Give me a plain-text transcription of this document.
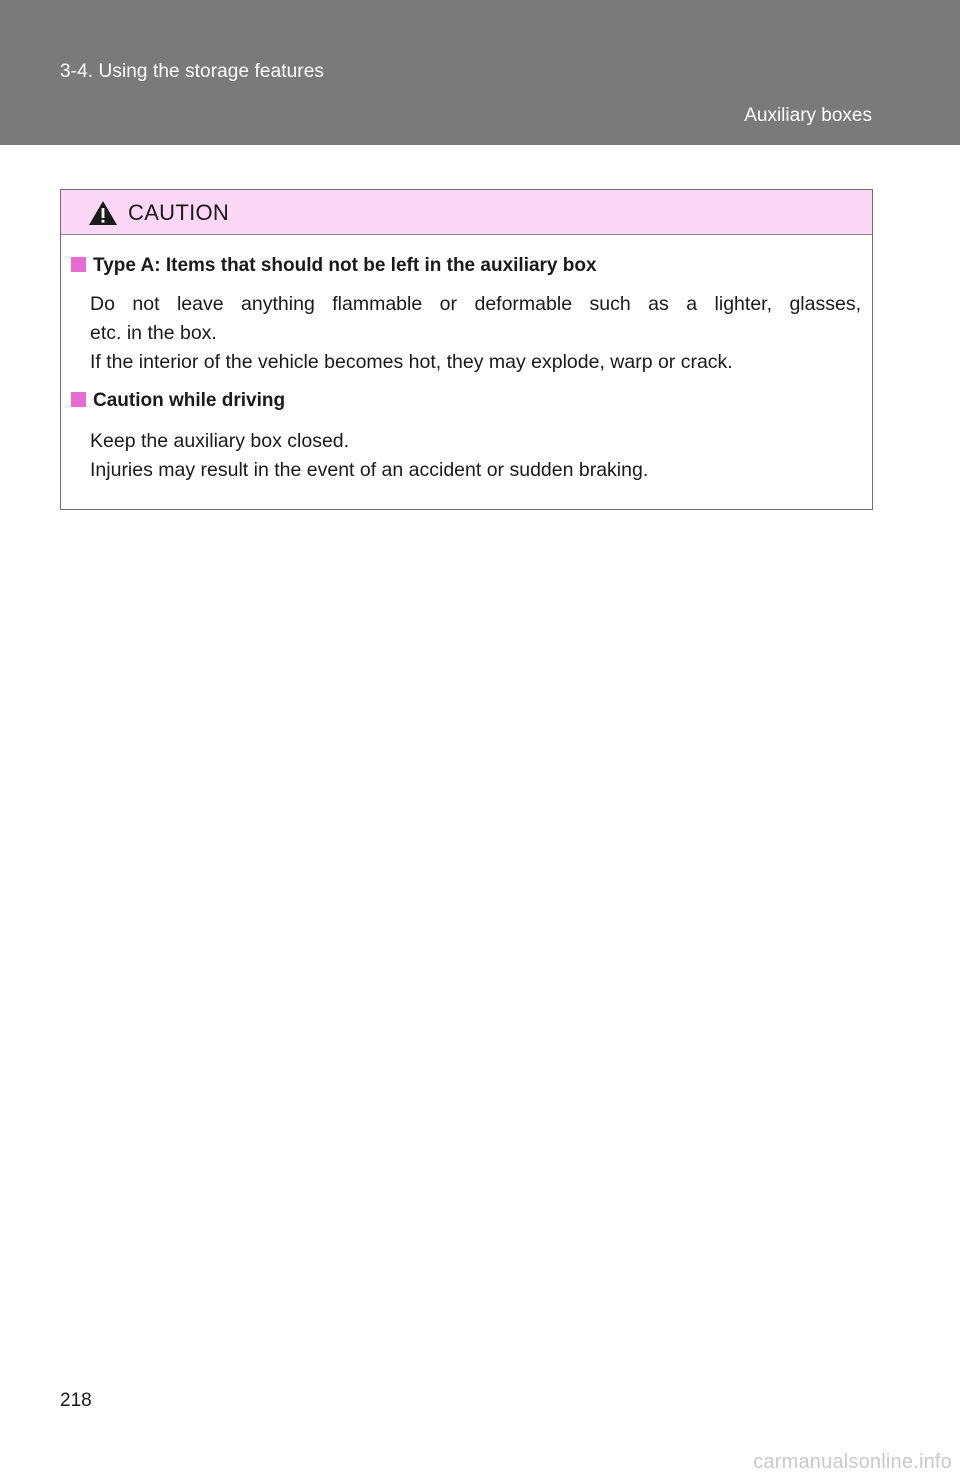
3-4. Using the storage features
Auxiliary boxes
CAUTION
Type A: Items that should not be left in the auxiliary box
Do not leave anything flammable or deformable such as a lighter, glasses,
etc. in the box.
If the interior of the vehicle becomes hot, they may explode, warp or crack.
Caution while driving
Keep the auxiliary box closed.
Injuries may result in the event of an accident or sudden braking.
218
carmanualsonline.info
